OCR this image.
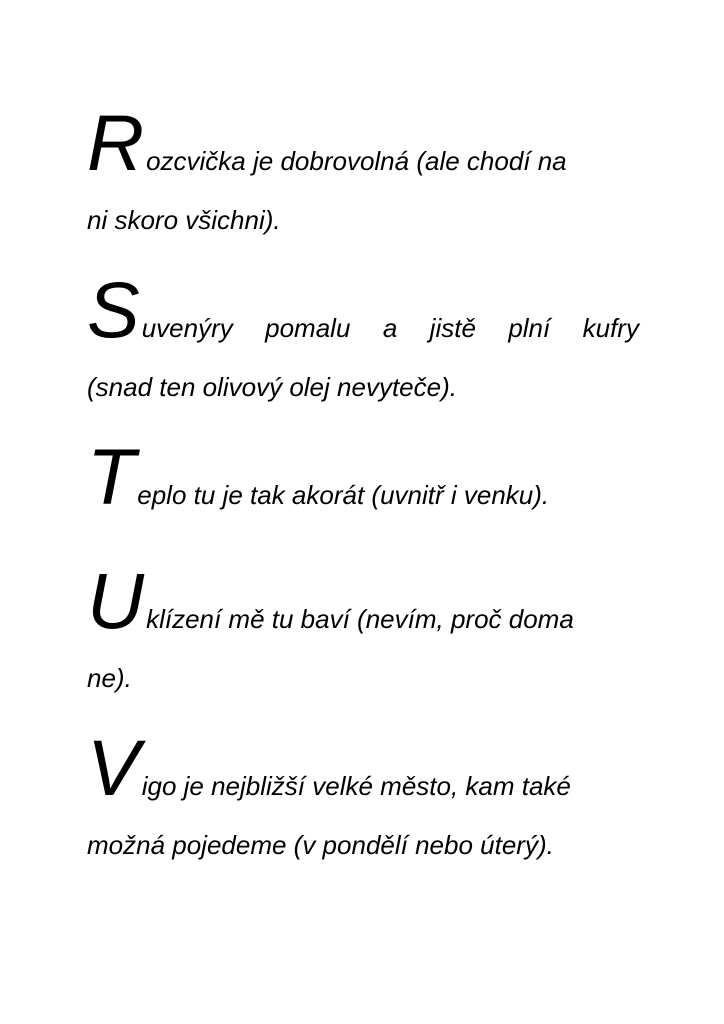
Rozcvička je dobrovolná (ale chodí na
ni skoro všichni).
Suvenýry pomalu a jistě plní kufry
(snad ten olivový olej nevyteče).
Teplo tu je tak akorát (uvnitř i venku).
Uklízení mě tu baví (nevím, proč doma
ne).
Vigo je nejbližší velké město, kam také
možná pojedeme (v pondělí nebo úterý).
